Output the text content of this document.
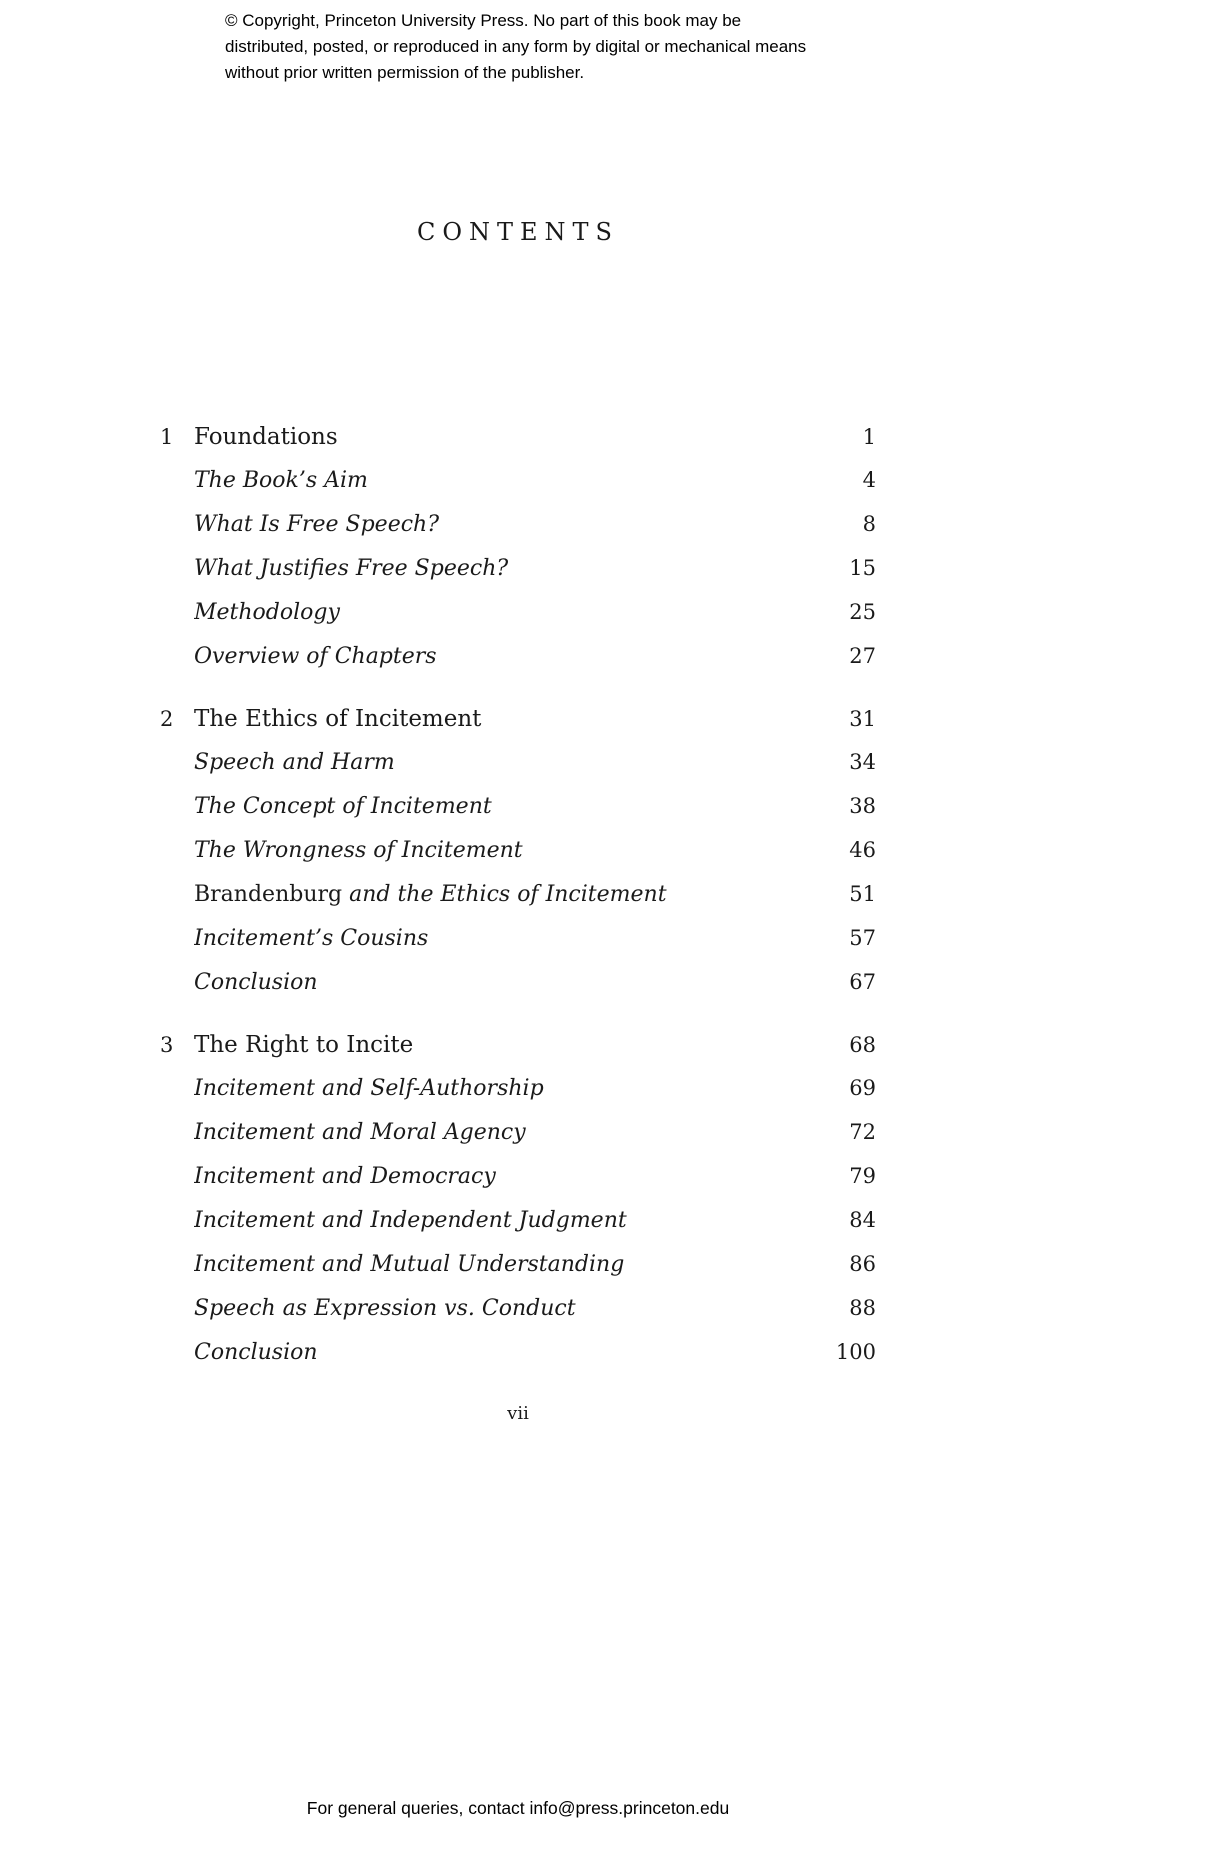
© Copyright, Princeton University Press. No part of this book may be distributed, posted, or reproduced in any form by digital or mechanical means without prior written permission of the publisher.
CONTENTS
1 Foundations	1
The Book’s Aim	4
What Is Free Speech?	8
What Justifies Free Speech?	15
Methodology	25
Overview of Chapters	27
2 The Ethics of Incitement	31
Speech and Harm	34
The Concept of Incitement	38
The Wrongness of Incitement	46
Brandenburg and the Ethics of Incitement	51
Incitement’s Cousins	57
Conclusion	67
3 The Right to Incite	68
Incitement and Self-Authorship	69
Incitement and Moral Agency	72
Incitement and Democracy	79
Incitement and Independent Judgment	84
Incitement and Mutual Understanding	86
Speech as Expression vs. Conduct	88
Conclusion	100
vii
For general queries, contact info@press.princeton.edu
